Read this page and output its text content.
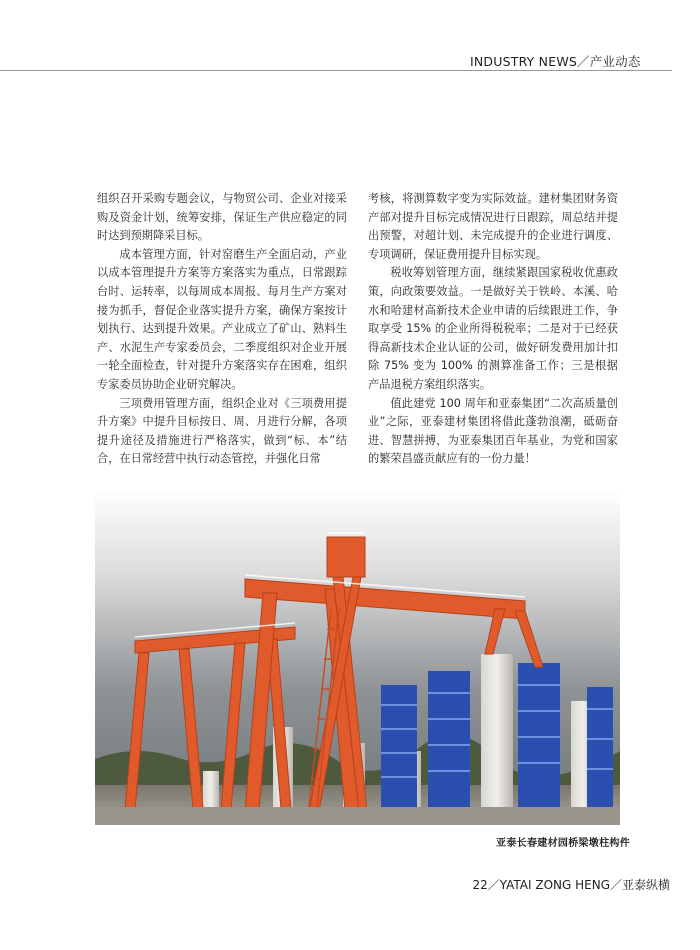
INDUSTRY NEWS／产业动态

组织召开采购专题会议，与物贸公司、企业对接采购及资金计划，统筹安排，保证生产供应稳定的同时达到预期降采目标。

成本管理方面，针对窑磨生产全面启动，产业以成本管理提升方案等方案落实为重点，日常跟踪台时、运转率，以每周成本周报、每月生产方案对接为抓手，督促企业落实提升方案，确保方案按计划执行、达到提升效果。产业成立了矿山、熟料生产、水泥生产专家委员会，二季度组织对企业开展一轮全面检查，针对提升方案落实存在困难，组织专家委员协助企业研究解决。

三项费用管理方面，组织企业对《三项费用提升方案》中提升目标按日、周、月进行分解，各项提升途径及措施进行严格落实，做到“标、本”结合，在日常经营中执行动态管控，并强化日常

考核，将测算数字变为实际效益。建材集团财务资产部对提升目标完成情况进行日跟踪，周总结并提出预警，对超计划、未完成提升的企业进行调度、专项调研，保证费用提升目标实现。

税收筹划管理方面，继续紧跟国家税收优惠政策，向政策要效益。一是做好关于铁岭、本溪、哈水和哈建材高新技术企业申请的后续跟进工作，争取享受 15% 的企业所得税税率；二是对于已经获得高新技术企业认证的公司，做好研发费用加计扣除 75% 变为 100% 的测算准备工作；三是根据产品退税方案组织落实。

值此建党 100 周年和亚泰集团“二次高质量创业”之际，亚泰建材集团将借此蓬勃浪潮，砥砺奋进、智慧拼搏，为亚泰集团百年基业，为党和国家的繁荣昌盛贡献应有的一份力量！

亚泰长春建材园桥梁墩柱构件
22／YATAI ZONG HENG／亚泰纵横
